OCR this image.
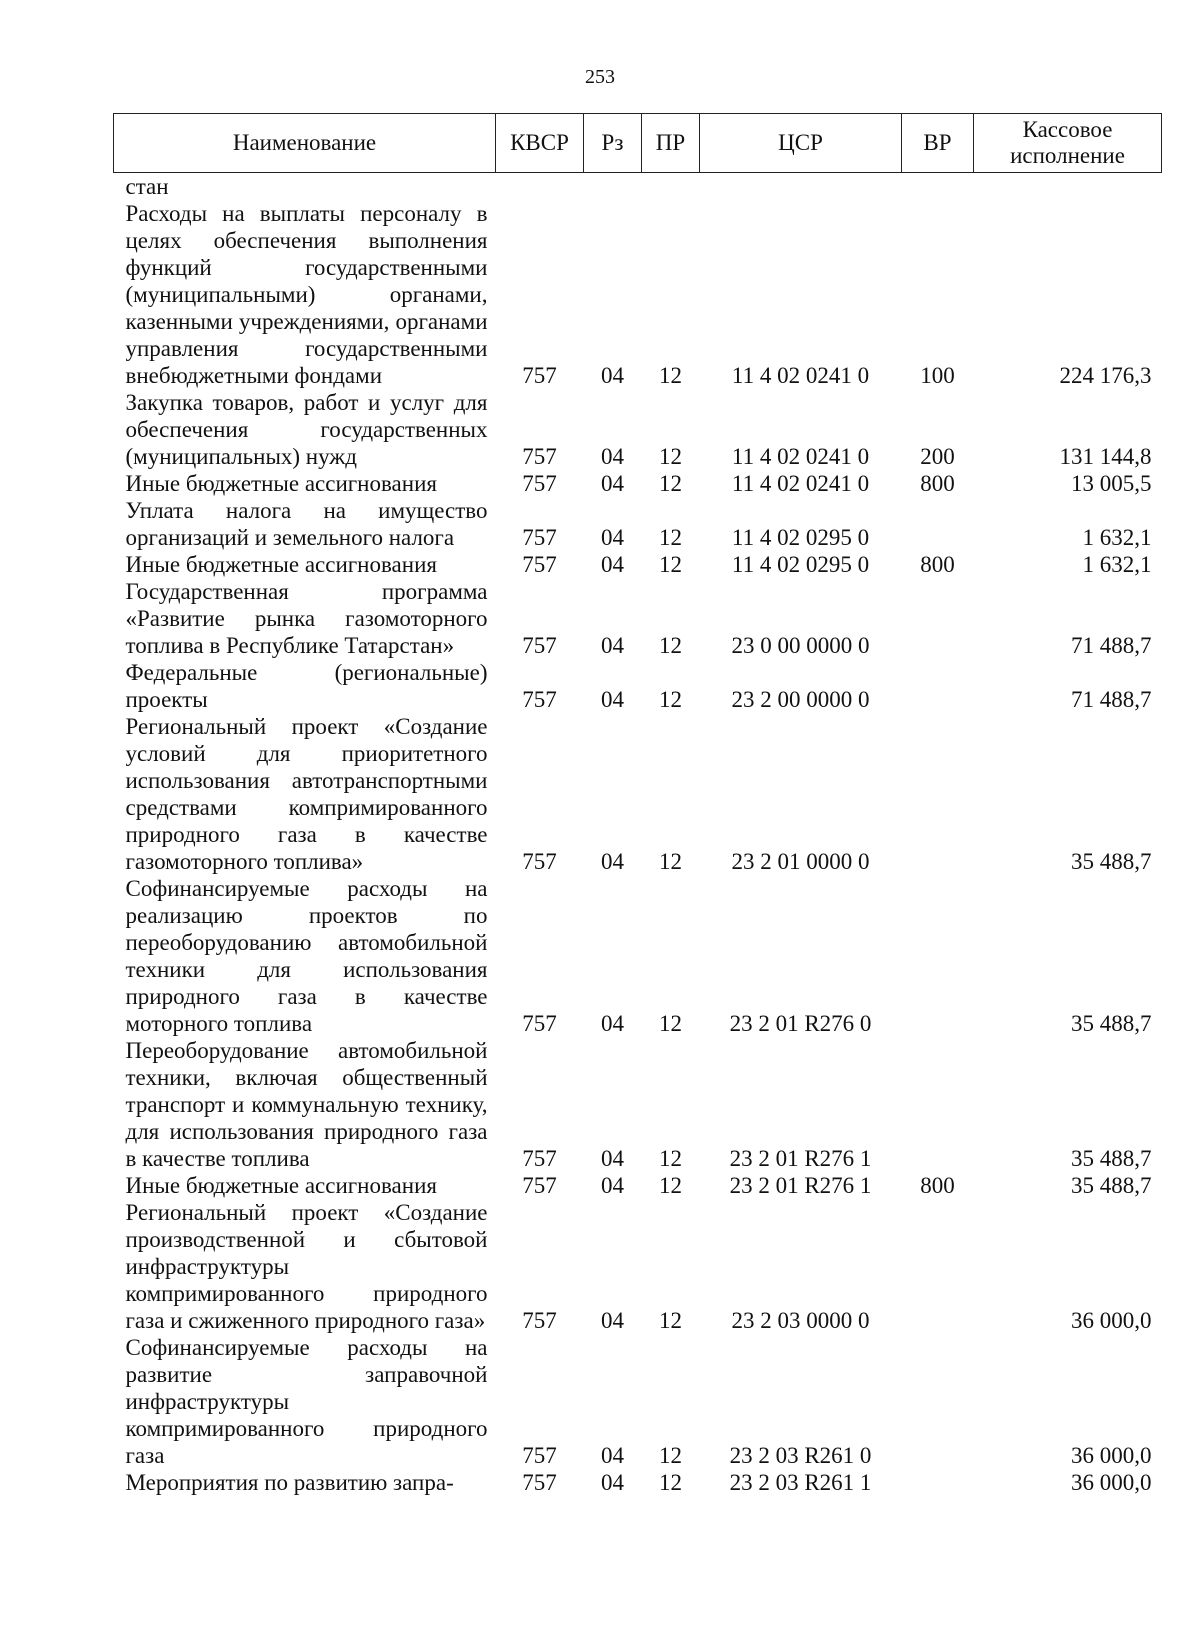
253
Наименование	КВСР	Рз	ПР	ЦСР	ВР	Кассовое исполнение
стан						
Расходы на выплаты персоналу в целях обеспечения выполнения функций государственными (муниципальными) органами, казенными учреждениями, органами управления государственными внебюджетными фондами	757	04	12	11 4 02 0241 0	100	224 176,3
Закупка товаров, работ и услуг для обеспечения государственных (муниципальных) нужд	757	04	12	11 4 02 0241 0	200	131 144,8
Иные бюджетные ассигнования	757	04	12	11 4 02 0241 0	800	13 005,5
Уплата налога на имущество организаций и земельного налога	757	04	12	11 4 02 0295 0		1 632,1
Иные бюджетные ассигнования	757	04	12	11 4 02 0295 0	800	1 632,1
Государственная программа «Развитие рынка газомоторного топлива в Республике Татарстан»	757	04	12	23 0 00 0000 0		71 488,7
Федеральные (региональные) проекты	757	04	12	23 2 00 0000 0		71 488,7
Региональный проект «Создание условий для приоритетного использования автотранспортными средствами компримированного природного газа в качестве газомоторного топлива»	757	04	12	23 2 01 0000 0		35 488,7
Софинансируемые расходы на реализацию проектов по переоборудованию автомобильной техники для использования природного газа в качестве моторного топлива	757	04	12	23 2 01 R276 0		35 488,7
Переоборудование автомобильной техники, включая общественный транспорт и коммунальную технику, для использования природного газа в качестве топлива	757	04	12	23 2 01 R276 1		35 488,7
Иные бюджетные ассигнования	757	04	12	23 2 01 R276 1	800	35 488,7
Региональный проект «Создание производственной и сбытовой инфраструктуры компримированного природного газа и сжиженного природного газа»	757	04	12	23 2 03 0000 0		36 000,0
Софинансируемые расходы на развитие заправочной инфраструктуры компримированного природного газа	757	04	12	23 2 03 R261 0		36 000,0
Мероприятия по развитию запра-	757	04	12	23 2 03 R261 1		36 000,0
